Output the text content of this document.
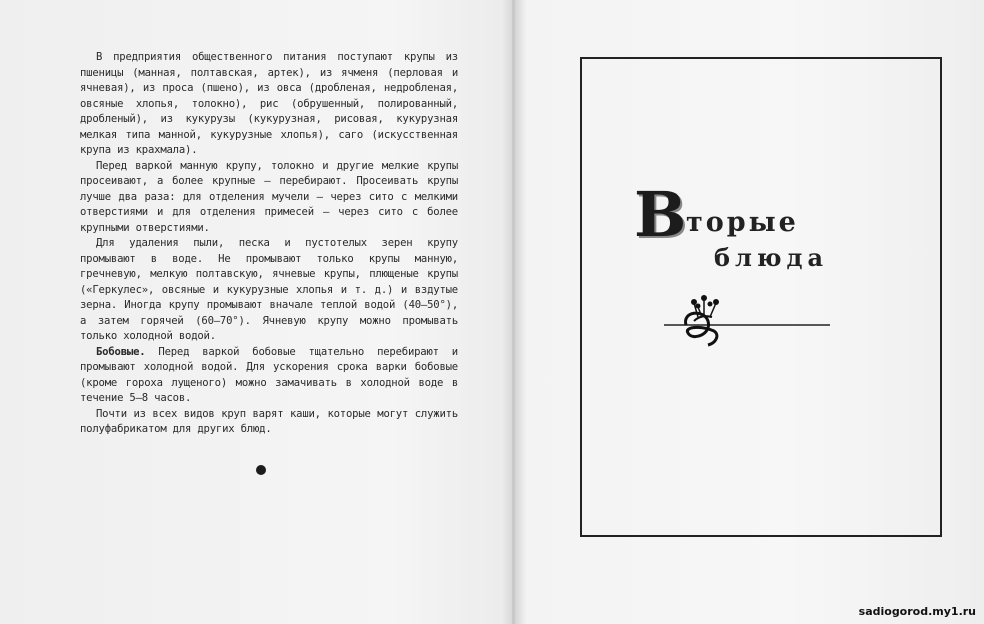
В предприятия общественного питания поступают крупы из пшеницы (манная, полтавская, артек), из ячменя (перловая и ячневая), из проса (пшено), из овса (дробленая, недробленая, овсяные хлопья, толокно), рис (обрушенный, полированный, дробленый), из кукурузы (кукурузная, рисовая, кукурузная мелкая типа манной, кукурузные хлопья), саго (искусственная крупа из крахмала).

Перед варкой манную крупу, толокно и другие мелкие крупы просеивают, а более крупные — перебирают. Просеивать крупы лучше два раза: для отделения мучели — через сито с мелкими отверстиями и для отделения примесей — через сито с более крупными отверстиями.

Для удаления пыли, песка и пустотелых зерен крупу промывают в воде. Не промывают только крупы манную, гречневую, мелкую полтавскую, ячневые крупы, плющеные крупы («Геркулес», овсяные и кукурузные хлопья и т. д.) и вздутые зерна. Иногда крупу промывают вначале теплой водой (40—50°), а затем горячей (60—70°). Ячневую крупу можно промывать только холодной водой.

Бобовые. Перед варкой бобовые тщательно перебирают и промывают холодной водой. Для ускорения срока варки бобовые (кроме гороха лущеного) можно замачивать в холодной воде в течение 5—8 часов.

Почти из всех видов круп варят каши, которые могут служить полуфабрикатом для других блюд.

В торые
блюда
sadiogorod.my1.ru
